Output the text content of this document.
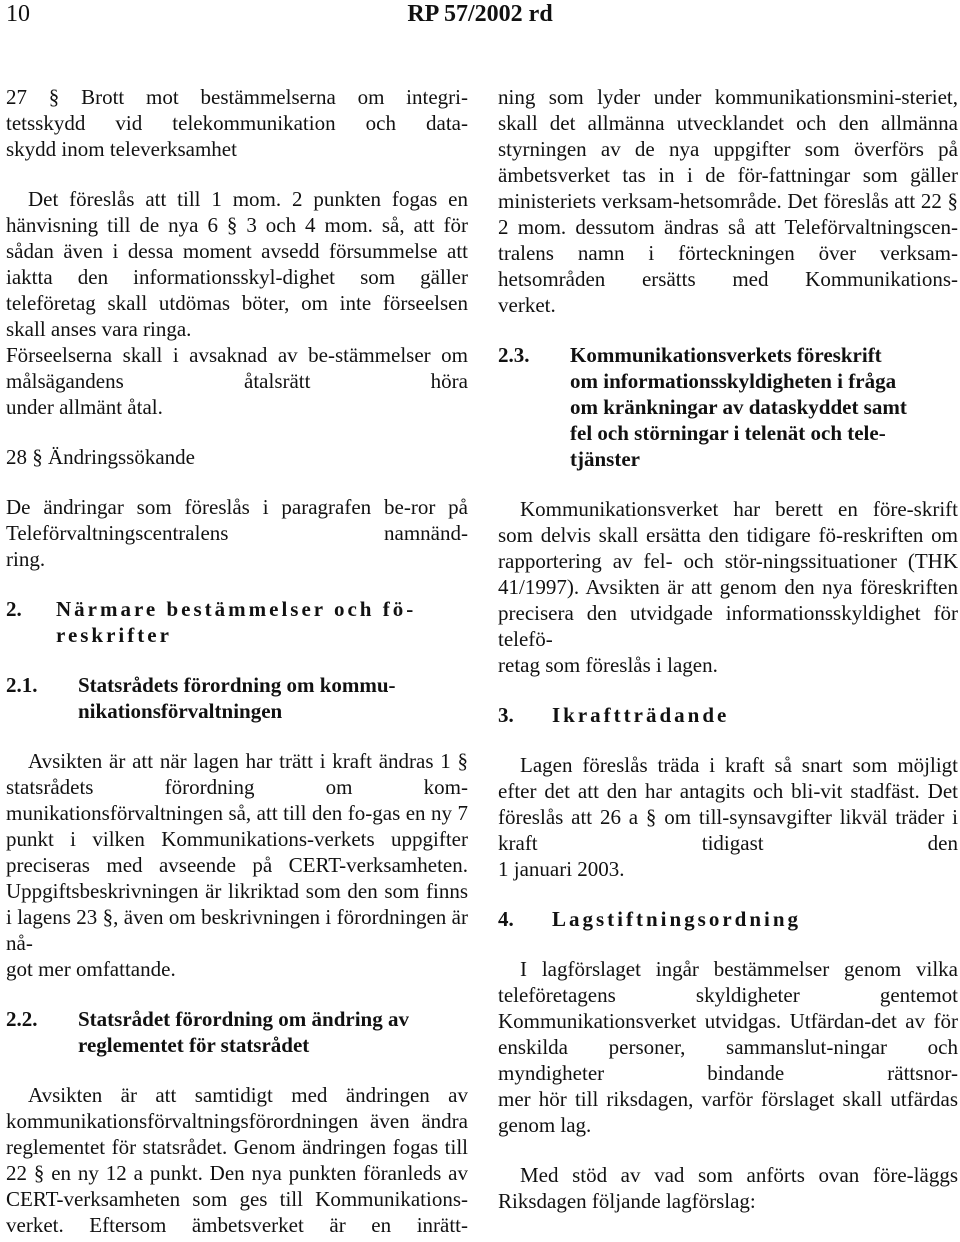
10	RP 57/2002 rd

27 § Brott mot bestämmelserna om integri-

tetsskydd vid telekommunikation och data-

skydd inom televerksamhet

Det föreslås att till 1 mom. 2 punkten fogas en hänvisning till de nya 6 § 3 och 4 mom. så, att för sådan även i dessa moment avsedd försummelse att iaktta den informationsskyl-dighet som gäller teleföretag skall utdömas böter, om inte förseelsen skall anses vara ringa.

Förseelserna skall i avsaknad av be-stämmelser om målsägandens åtalsrätt höra

under allmänt åtal.

28 § Ändringssökande

De ändringar som föreslås i paragrafen be-ror på Teleförvaltningscentralens namnänd-

ring.

2.	Närmare bestämmelser och fö-
reskrifter
2.1.	Statsrådets förordning om kommu-
nikationsförvaltningen

Avsikten är att när lagen har trätt i kraft ändras 1 § statsrådets förordning om kom-munikationsförvaltningen så, att till den fo-gas en ny 7 punkt i vilken Kommunikations-verkets uppgifter preciseras med avseende på CERT-verksamheten. Uppgiftsbeskrivningen är likriktad som den som finns i lagens 23 §, även om beskrivningen i förordningen är nå-

got mer omfattande.

2.2.	Statsrådet förordning om ändring av
reglementet för statsrådet

Avsikten är att samtidigt med ändringen av kommunikationsförvaltningsförordningen även ändra reglementet för statsrådet. Genom ändringen fogas till 22 § en ny 12 a punkt. Den nya punkten föranleds av CERT-verksamheten som ges till Kommunikations-verket. Eftersom ämbetsverket är en inrätt-

ning som lyder under kommunikationsmini-steriet, skall det allmänna utvecklandet och den allmänna styrningen av de nya uppgifter som överförs på ämbetsverket tas in i de för-fattningar som gäller ministeriets verksam-hetsområde. Det föreslås att 22 § 2 mom. dessutom ändras så att Teleförvaltningscen-tralens namn i förteckningen över verksam-hetsområden ersätts med Kommunikations-

verket.

2.3.	Kommunikationsverkets föreskrift
om informationsskyldigheten i fråga
om kränkningar av dataskyddet samt
fel och störningar i telenät och tele-
tjänster

Kommunikationsverket har berett en före-skrift som delvis skall ersätta den tidigare fö-reskriften om rapportering av fel- och stör-ningssituationer (THK 41/1997). Avsikten är att genom den nya föreskriften precisera den utvidgade informationsskyldighet för telefö-

retag som föreslås i lagen.

3.	Ikraftträdande

Lagen föreslås träda i kraft så snart som möjligt efter det att den har antagits och bli-vit stadfäst. Det föreslås att 26 a § om till-synsavgifter likväl träder i kraft tidigast den

1 januari 2003.

4.	Lagstiftningsordning

I lagförslaget ingår bestämmelser genom vilka teleföretagens skyldigheter gentemot Kommunikationsverket utvidgas. Utfärdan-det av för enskilda personer, sammanslut-ningar och myndigheter bindande rättsnor-

mer hör till riksdagen, varför förslaget skall utfärdas genom lag.

Med stöd av vad som anförts ovan före-läggs Riksdagen följande lagförslag:
